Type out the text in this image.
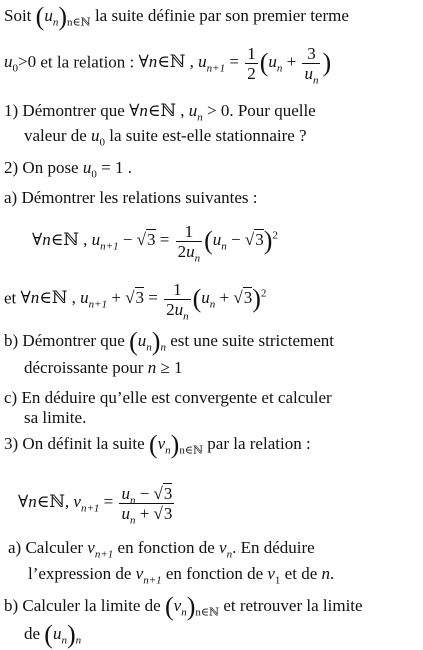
Soit $(u_n)_{n\in ℕ}$ la suite définie par son premier terme
$u_0>0$ et la relation : ∀n∈ℕ , $u_{n+1} = \frac{1}{2} (u_n + \frac{3}{u_n}$ )
1) Démontrer que ∀n∈ℕ , $u_n > 0$. Pour quelle
valeur de $u_0$ la suite est-elle stationnaire ?
2) On pose $u_0 = 1$ .
a) Démontrer les relations suivantes :
∀n∈ℕ , $u_{n+1} - √3 = \frac{1}{2u_n} (u_n - √3)^2$
et ∀n∈ℕ , $u_{n+1} + √3 = \frac{1}{2u_n} (u_n + √3)^2$
b) Démontrer que $(u_n)_n$ est une suite strictement
décroissante pour n ≥ 1
c) En déduire qu’elle est convergente et calculer
sa limite.
3) On définit la suite $(v_n)_{n\in ℕ}$ par la relation :
∀n∈ℕ, $v_{n+1} = \frac{u_n - √3}{u_n + √3}$
a) Calculer $v_{n+1}$ en fonction de $v_n$. En déduire
l’expression de $v_{n+1}$ en fonction de $v_1$ et de n.
b) Calculer la limite de $(v_n)_{n\in ℕ}$ et retrouver la limite
de $(u_n)_n$
